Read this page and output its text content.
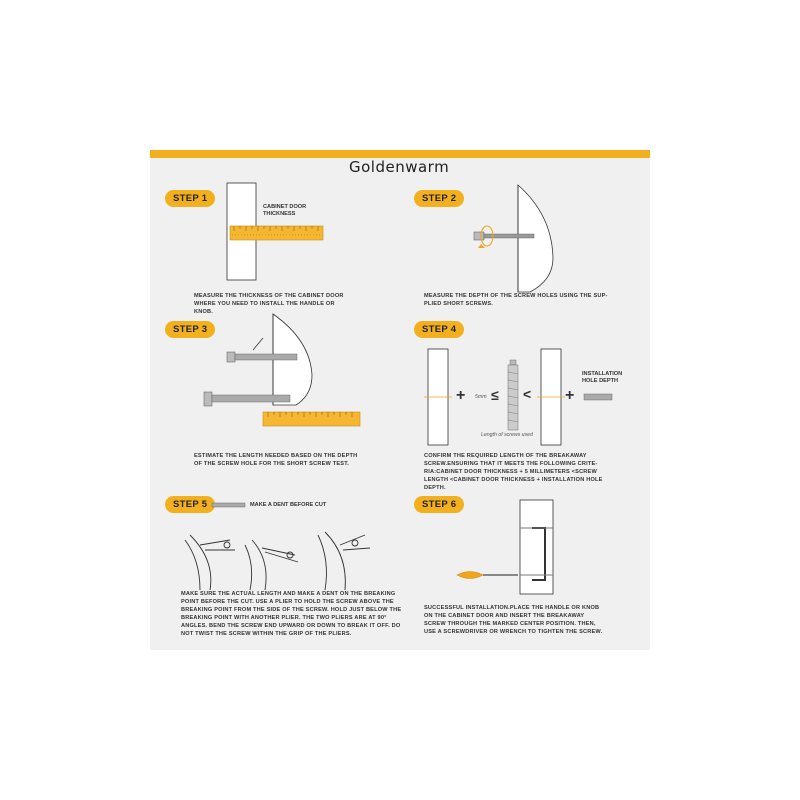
Goldenwarm
STEP 1	STEP 2
STEP 3	STEP 4
STEP 5	STEP 6
CABINET DOOR
THICKNESS
MEASURE THE THICKNESS OF THE CABINET DOOR
WHERE YOU NEED TO INSTALL THE HANDLE OR
KNOB.
MEASURE THE DEPTH OF THE SCREW HOLES USING THE SUP-
PLIED SHORT SCREWS.
ESTIMATE THE LENGTH NEEDED BASED ON THE DEPTH
OF THE SCREW HOLE FOR THE SHORT SCREW TEST.
+ ≤ < +
5mm
Length of screws used
INSTALLATION
HOLE DEPTH
CONFIRM THE REQUIRED LENGTH OF THE BREAKAWAY
SCREW.ENSURING THAT IT MEETS THE FOLLOWING CRITE-
RIA:CABINET DOOR THICKNESS + 5 MILLIMETERS <SCREW
LENGTH <CABINET DOOR THICKNESS + INSTALLATION HOLE
DEPTH.
MAKE A DENT BEFORE CUT
MAKE SURE THE ACTUAL LENGTH AND MAKE A DENT ON THE BREAKING
POINT BEFORE THE CUT. USE A PLIER TO HOLD THE SCREW ABOVE THE
BREAKING POINT FROM THE SIDE OF THE SCREW. HOLD JUST BELOW THE
BREAKING POINT WITH ANOTHER PLIER. THE TWO PLIERS ARE AT 90°
ANGLES. BEND THE SCREW END UPWARD OR DOWN TO BREAK IT OFF. DO
NOT TWIST THE SCREW WITHIN THE GRIP OF THE PLIERS.
SUCCESSFUL INSTALLATION.PLACE THE HANDLE OR KNOB
ON THE CABINET DOOR AND INSERT THE BREAKAWAY
SCREW THROUGH THE MARKED CENTER POSITION. THEN,
USE A SCREWDRIVER OR WRENCH TO TIGHTEN THE SCREW.
